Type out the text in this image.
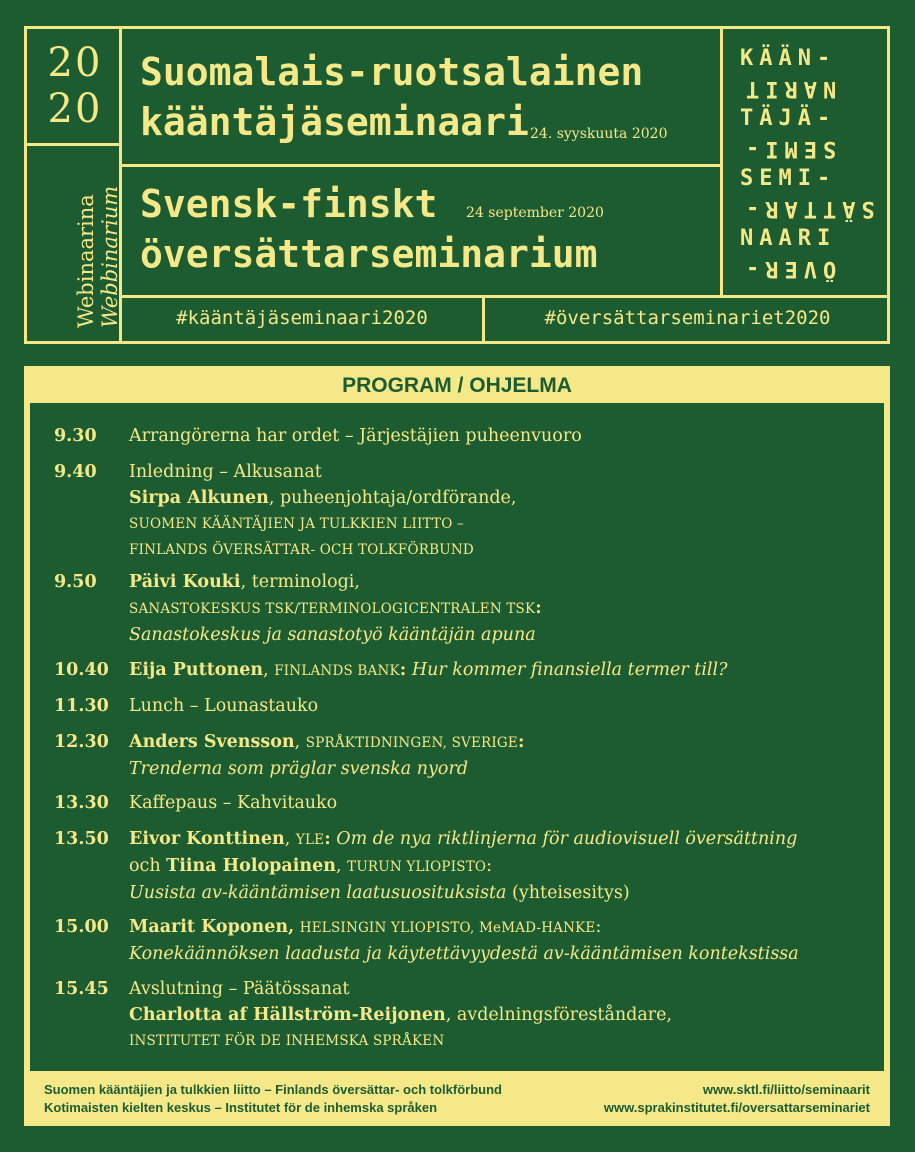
20
20
Webinaarina Webbinarium
Suomalais-ruotsalainen
kääntäjäseminaari 24. syyskuuta 2020
Svensk-finskt 24 september 2020
översättarseminarium
#kääntäjäseminaari2020	#översättarseminariet2020
KÄÄN-
NARIT
TÄJÄ-
SEMI-
SEMI-
SÄTTAR-
NAARI
ÖVER-
PROGRAM / OHJELMA
9.30 Arrangörerna har ordet – Järjestäjien puheenvuoro
9.40 Inledning – Alkusanat
Sirpa Alkunen, puheenjohtaja/ordförande,
SUOMEN KÄÄNTÄJIEN JA TULKKIEN LIITTO –
FINLANDS ÖVERSÄTTAR- OCH TOLKFÖRBUND
9.50 Päivi Kouki, terminologi,
SANASTOKESKUS TSK/TERMINOLOGICENTRALEN TSK:
Sanastokeskus ja sanastotyö kääntäjän apuna
10.40 Eija Puttonen, FINLANDS BANK: Hur kommer finansiella termer till?
11.30 Lunch – Lounastauko
12.30 Anders Svensson, SPRÅKTIDNINGEN, SVERIGE:
Trenderna som präglar svenska nyord
13.30 Kaffepaus – Kahvitauko
13.50 Eivor Konttinen, YLE: Om de nya riktlinjerna för audiovisuell översättning
och Tiina Holopainen, TURUN YLIOPISTO:
Uusista av-kääntämisen laatusuosituksista (yhteisesitys)
15.00 Maarit Koponen, HELSINGIN YLIOPISTO, MeMAD-HANKE:
Konekäännöksen laadusta ja käytettävyydestä av-kääntämisen kontekstissa
15.45 Avslutning – Päätössanat
Charlotta af Hällström-Reijonen, avdelningsföreståndare,
INSTITUTET FÖR DE INHEMSKA SPRÅKEN
Suomen kääntäjien ja tulkkien liitto – Finlands översättar- och tolkförbund
Kotimaisten kielten keskus – Institutet för de inhemska språken
www.sktl.fi/liitto/seminaarit
www.sprakinstitutet.fi/oversattarseminariet
